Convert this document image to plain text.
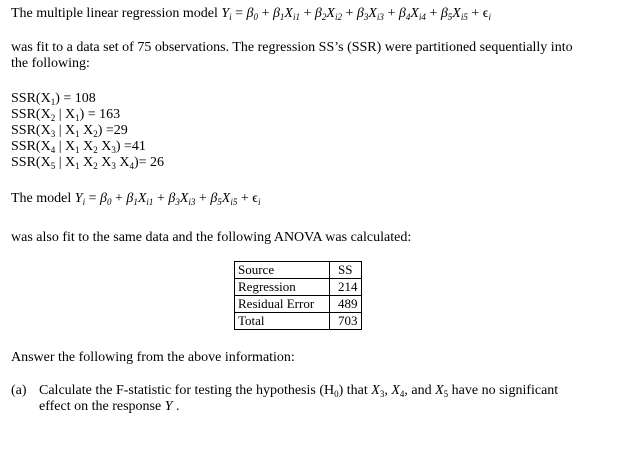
The multiple linear regression model $Y_i = \beta_0 + \beta_1X_{i1} + \beta_2X_{i2} + \beta_3X_{i3} + \beta_4X_{i4} + \beta_5X_{i5} + \epsilon_i$
was fit to a data set of 75 observations. The regression SS’s (SSR) were partitioned sequentially into
the following:
$SSR(X_1) = 108$
$SSR(X_2$ | $X_1) = 163$
$SSR(X_3$ | $X_1$ $X_2) =29$
$SSR(X_4$ | $X_1$ $X_2$ $X_3) =41$
$SSR(X_5$ | $X_1$ $X_2$ $X_3$ $X_4)= 26$
The model $Y_i = \beta_0 + \beta_1X_{i1} + \beta_3X_{i3} + \beta_5X_{i5} + \epsilon_i$
was also fit to the same data and the following ANOVA was calculated:
Source	SS
Regression	214
Residual Error	489
Total	703
Answer the following from the above information:
(a) Calculate the F-statistic for testing the hypothesis $(H_0)$ that $X_3$, $X_4$, and $X_5$ have no significant
effect on the response Y .
